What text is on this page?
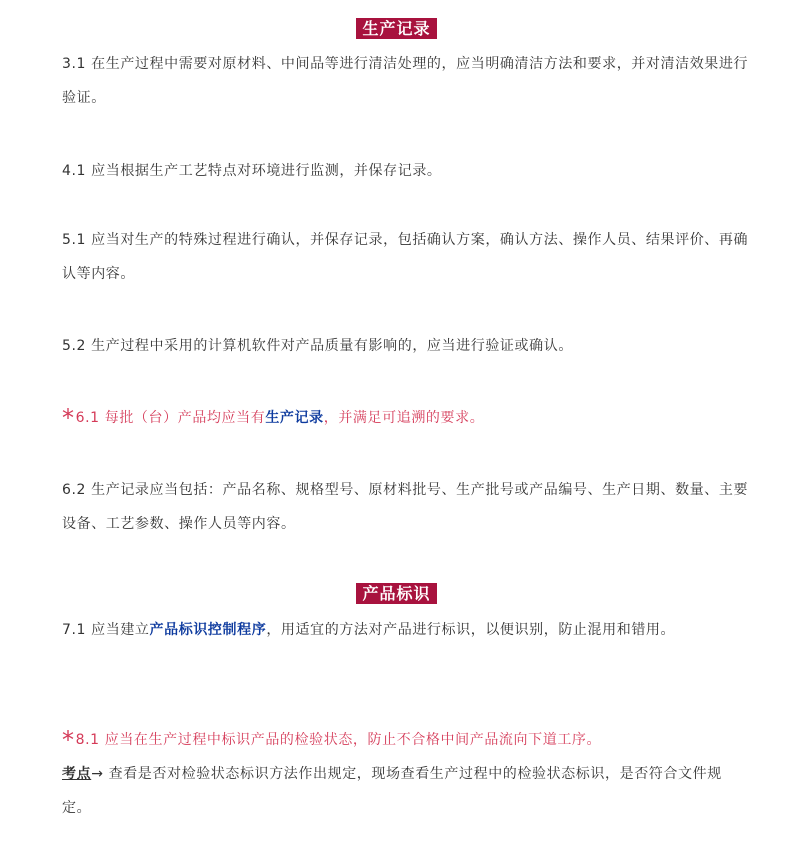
生产记录

3.1 在生产过程中需要对原材料、中间品等进行清洁处理的，应当明确清洁方法和要求，并对清洁效果进行验证。

4.1 应当根据生产工艺特点对环境进行监测，并保存记录。

5.1 应当对生产的特殊过程进行确认，并保存记录，包括确认方案，确认方法、操作人员、结果评价、再确认等内容。

5.2 生产过程中采用的计算机软件对产品质量有影响的，应当进行验证或确认。

*6.1 每批（台）产品均应当有生产记录，并满足可追溯的要求。

6.2 生产记录应当包括：产品名称、规格型号、原材料批号、生产批号或产品编号、生产日期、数量、主要设备、工艺参数、操作人员等内容。

产品标识

7.1 应当建立产品标识控制程序，用适宜的方法对产品进行标识，以便识别，防止混用和错用。

*8.1 应当在生产过程中标识产品的检验状态，防止不合格中间产品流向下道工序。

考点→ 查看是否对检验状态标识方法作出规定，现场查看生产过程中的检验状态标识，是否符合文件规定。
